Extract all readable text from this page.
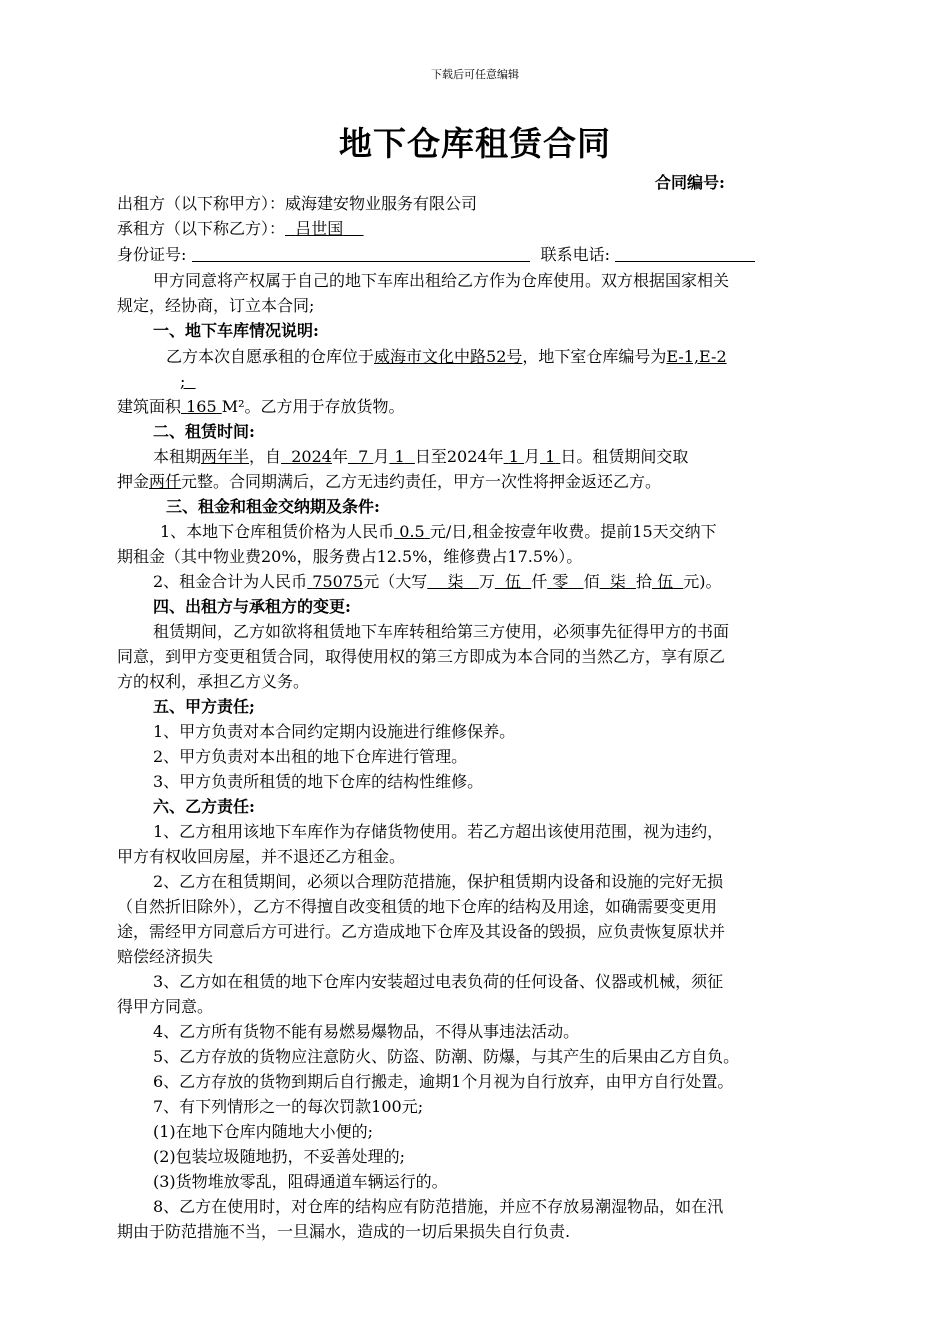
下载后可任意编辑
地下仓库租赁合同
合同编号:
出租方（以下称甲方）：威海建安物业服务有限公司
承租方（以下称乙方）： 吕世国
身份证号:	联系电话:
甲方同意将产权属于自己的地下车库出租给乙方作为仓库使用。双方根据国家相关
规定，经协商，订立本合同;
一、地下车库情况说明:
乙方本次自愿承租的仓库位于威海市文化中路52号，地下室仓库编号为E-1,E-2
;
建筑面积 165 M²。乙方用于存放货物。
二、租赁时间:
本租期两年半，自 2024年 7 月 1 日至2024年 1 月 1 日。租赁期间交取
押金两仟元整。合同期满后，乙方无违约责任，甲方一次性将押金返还乙方。
三、租金和租金交纳期及条件:
1、本地下仓库租赁价格为人民币 0.5 元/日,租金按壹年收费。提前15天交纳下
期租金（其中物业费20%，服务费占12.5%，维修费占17.5%）。
2、租金合计为人民币 75075元（大写 柒 万 伍 仟 零 佰 柒 拾 伍 元)。
四、出租方与承租方的变更:
租赁期间，乙方如欲将租赁地下车库转租给第三方使用，必须事先征得甲方的书面
同意，到甲方变更租赁合同，取得使用权的第三方即成为本合同的当然乙方，享有原乙
方的权利，承担乙方义务。
五、甲方责任;
1、甲方负责对本合同约定期内设施进行维修保养。
2、甲方负责对本出租的地下仓库进行管理。
3、甲方负责所租赁的地下仓库的结构性维修。
六、乙方责任:
1、乙方租用该地下车库作为存储货物使用。若乙方超出该使用范围，视为违约，
甲方有权收回房屋，并不退还乙方租金。
2、乙方在租赁期间，必须以合理防范措施，保护租赁期内设备和设施的完好无损
（自然折旧除外），乙方不得擅自改变租赁的地下仓库的结构及用途，如确需要变更用
途，需经甲方同意后方可进行。乙方造成地下仓库及其设备的毁损，应负责恢复原状并
赔偿经济损失
3、乙方如在租赁的地下仓库内安装超过电表负荷的任何设备、仪器或机械，须征
得甲方同意。
4、乙方所有货物不能有易燃易爆物品，不得从事违法活动。
5、乙方存放的货物应注意防火、防盗、防潮、防爆，与其产生的后果由乙方自负。
6、乙方存放的货物到期后自行搬走，逾期1个月视为自行放弃，由甲方自行处置。
7、有下列情形之一的每次罚款100元;
(1)在地下仓库内随地大小便的;
(2)包装垃圾随地扔，不妥善处理的;
(3)货物堆放零乱，阻碍通道车辆运行的。
8、乙方在使用时，对仓库的结构应有防范措施，并应不存放易潮湿物品，如在汛
期由于防范措施不当，一旦漏水，造成的一切后果损失自行负责.
